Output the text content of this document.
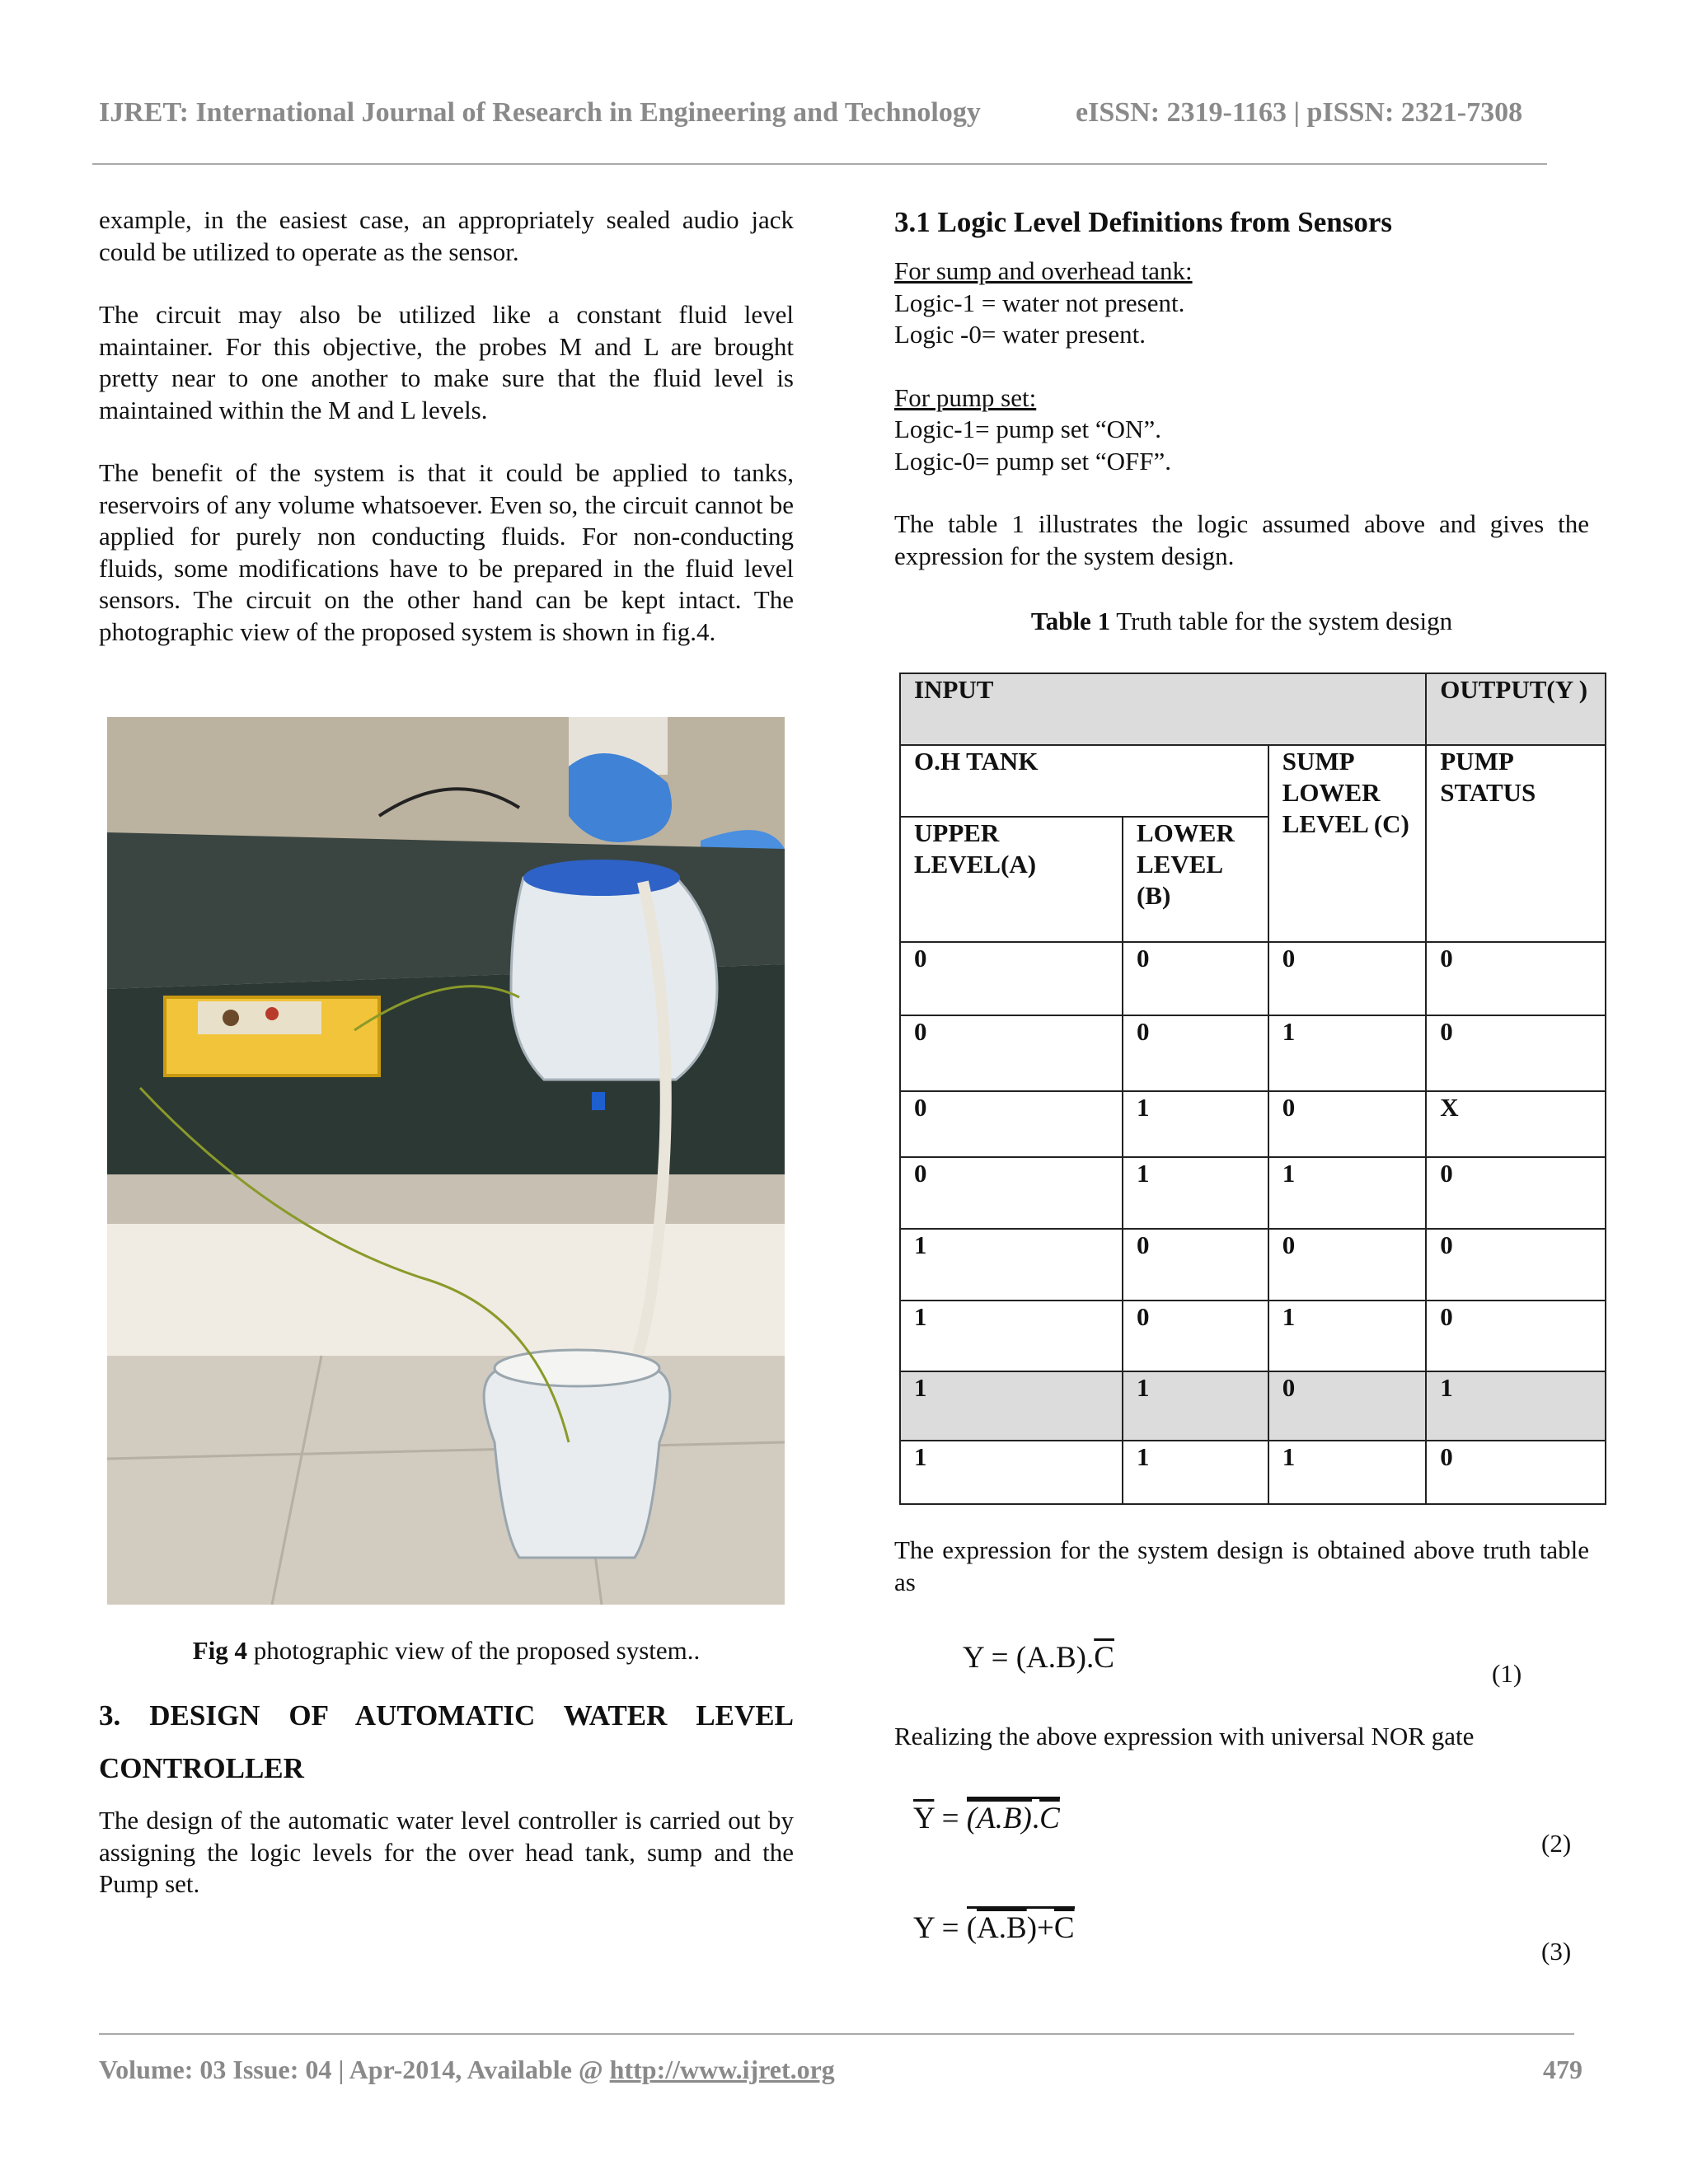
IJRET: International Journal of Research in Engineering and Technology	eISSN: 2319-1163 | pISSN: 2321-7308

example, in the easiest case, an appropriately sealed audio jack could be utilized to operate as the sensor.

The circuit may also be utilized like a constant fluid level maintainer. For this objective, the probes M and L are brought pretty near to one another to make sure that the fluid level is maintained within the M and L levels.

The benefit of the system is that it could be applied to tanks, reservoirs of any volume whatsoever. Even so, the circuit cannot be applied for purely non conducting fluids. For non-conducting fluids, some modifications have to be prepared in the fluid level sensors. The circuit on the other hand can be kept intact. The photographic view of the proposed system is shown in fig.4.

Fig 4 photographic view of the proposed system..
3. DESIGN OF AUTOMATIC WATER LEVEL
CONTROLLER
The design of the automatic water level controller is carried out by assigning the logic levels for the over head tank, sump and the Pump set.
3.1 Logic Level Definitions from Sensors
For sump and overhead tank:
Logic-1 = water not present.
Logic -0= water present.
For pump set:
Logic-1= pump set “ON”.
Logic-0= pump set “OFF”.
The table 1 illustrates the logic assumed above and gives the expression for the system design.
Table 1 Truth table for the system design
INPUT			OUTPUT(Y )
O.H TANK		SUMP LOWER LEVEL (C)	PUMP STATUS
UPPER LEVEL(A)	LOWER LEVEL (B)		
0	0	0	0
0	0	1	0
0	1	0	X
0	1	1	0
1	0	0	0
1	0	1	0
1	1	0	1
1	1	1	0
The expression for the system design is obtained above truth table as
$Y = (A.B).\overline{C}$	(1)
Realizing the above expression with universal NOR gate
$\overline{Y} = (A.B).\overline{C}$
(2)
$Y = (A.B)+\overline{C}$
(3)
Volume: 03 Issue: 04 | Apr-2014, Available @ http://www.ijret.org	479
